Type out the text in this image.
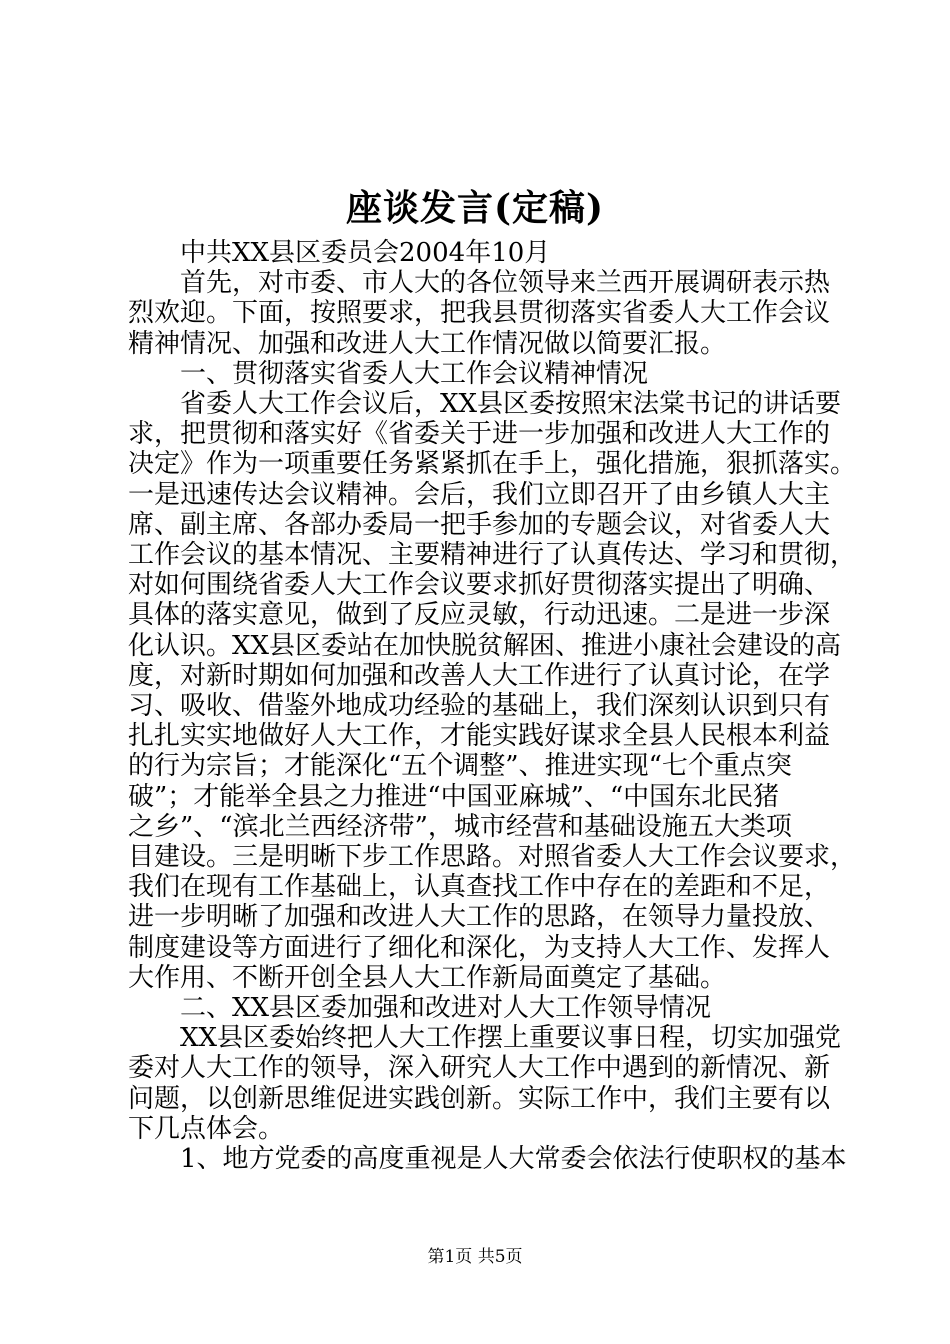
座谈发言(定稿)
　　中共XX县区委员会2004年10月
　　首先，对市委、市人大的各位领导来兰西开展调研表示热
烈欢迎。下面，按照要求，把我县贯彻落实省委人大工作会议
精神情况、加强和改进人大工作情况做以简要汇报。
　　一、贯彻落实省委人大工作会议精神情况
　　省委人大工作会议后，XX县区委按照宋法棠书记的讲话要
求，把贯彻和落实好《省委关于进一步加强和改进人大工作的
决定》作为一项重要任务紧紧抓在手上，强化措施，狠抓落实。
一是迅速传达会议精神。会后，我们立即召开了由乡镇人大主
席、副主席、各部办委局一把手参加的专题会议，对省委人大
工作会议的基本情况、主要精神进行了认真传达、学习和贯彻，
对如何围绕省委人大工作会议要求抓好贯彻落实提出了明确、
具体的落实意见，做到了反应灵敏，行动迅速。二是进一步深
化认识。XX县区委站在加快脱贫解困、推进小康社会建设的高
度，对新时期如何加强和改善人大工作进行了认真讨论，在学
习、吸收、借鉴外地成功经验的基础上，我们深刻认识到只有
扎扎实实地做好人大工作，才能实践好谋求全县人民根本利益
的行为宗旨；才能深化“五个调整”、推进实现“七个重点突
破”；才能举全县之力推进“中国亚麻城”、“中国东北民猪
之乡”、“滨北兰西经济带”，城市经营和基础设施五大类项
目建设。三是明晰下步工作思路。对照省委人大工作会议要求，
我们在现有工作基础上，认真查找工作中存在的差距和不足，
进一步明晰了加强和改进人大工作的思路，在领导力量投放、
制度建设等方面进行了细化和深化，为支持人大工作、发挥人
大作用、不断开创全县人大工作新局面奠定了基础。
　　二、XX县区委加强和改进对人大工作领导情况
　　XX县区委始终把人大工作摆上重要议事日程，切实加强党
委对人大工作的领导，深入研究人大工作中遇到的新情况、新
问题，以创新思维促进实践创新。实际工作中，我们主要有以
第1页 共5页
下几点体会。
　　1、地方党委的高度重视是人大常委会依法行使职权的基本
